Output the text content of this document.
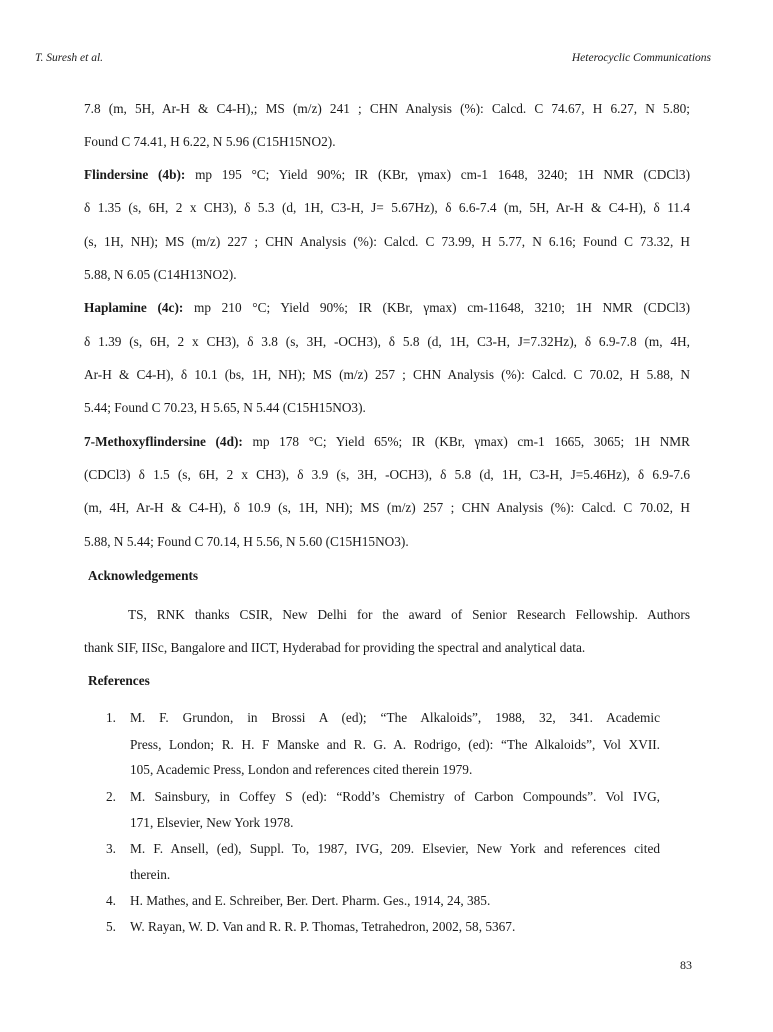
T. Suresh et al.	Heterocyclic Communications
7.8 (m, 5H, Ar-H & C4-H),; MS (m/z) 241 ; CHN Analysis (%): Calcd. C 74.67, H 6.27, N 5.80;
Found C 74.41, H 6.22, N 5.96 (C15H15NO2).
Flindersine (4b): mp 195 °C; Yield 90%; IR (KBr, γmax) cm-1 1648, 3240; 1H NMR (CDCl3)
δ 1.35 (s, 6H, 2 x CH3), δ 5.3 (d, 1H, C3-H, J= 5.67Hz), δ 6.6-7.4 (m, 5H, Ar-H & C4-H), δ 11.4
(s, 1H, NH); MS (m/z) 227 ; CHN Analysis (%): Calcd. C 73.99, H 5.77, N 6.16; Found C 73.32, H
5.88, N 6.05 (C14H13NO2).
Haplamine (4c): mp 210 °C; Yield 90%; IR (KBr, γmax) cm-11648, 3210; 1H NMR (CDCl3)
δ 1.39 (s, 6H, 2 x CH3), δ 3.8 (s, 3H, -OCH3), δ 5.8 (d, 1H, C3-H, J=7.32Hz), δ 6.9-7.8 (m, 4H,
Ar-H & C4-H), δ 10.1 (bs, 1H, NH); MS (m/z) 257 ; CHN Analysis (%): Calcd. C 70.02, H 5.88, N
5.44; Found C 70.23, H 5.65, N 5.44 (C15H15NO3).
7-Methoxyflindersine (4d): mp 178 °C; Yield 65%; IR (KBr, γmax) cm-1 1665, 3065; 1H NMR
(CDCl3) δ 1.5 (s, 6H, 2 x CH3), δ 3.9 (s, 3H, -OCH3), δ 5.8 (d, 1H, C3-H, J=5.46Hz), δ 6.9-7.6
(m, 4H, Ar-H & C4-H), δ 10.9 (s, 1H, NH); MS (m/z) 257 ; CHN Analysis (%): Calcd. C 70.02, H
5.88, N 5.44; Found C 70.14, H 5.56, N 5.60 (C15H15NO3).
Acknowledgements
TS, RNK thanks CSIR, New Delhi for the award of Senior Research Fellowship. Authors
thank SIF, IISc, Bangalore and IICT, Hyderabad for providing the spectral and analytical data.
References
1. M. F. Grundon, in Brossi A (ed); “The Alkaloids”, 1988, 32, 341. Academic
Press, London; R. H. F Manske and R. G. A. Rodrigo, (ed): “The Alkaloids”, Vol XVII.
105, Academic Press, London and references cited therein 1979.
2. M. Sainsbury, in Coffey S (ed): “Rodd’s Chemistry of Carbon Compounds”. Vol IVG,
171, Elsevier, New York 1978.
3. M. F. Ansell, (ed), Suppl. To, 1987, IVG, 209. Elsevier, New York and references cited
therein.
4. H. Mathes, and E. Schreiber, Ber. Dert. Pharm. Ges., 1914, 24, 385.
5. W. Rayan, W. D. Van and R. R. P. Thomas, Tetrahedron, 2002, 58, 5367.
83
